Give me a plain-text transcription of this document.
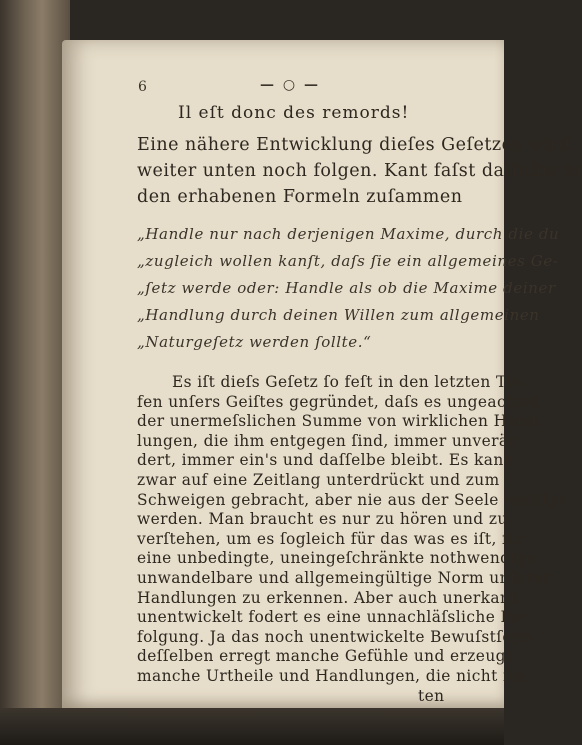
6	— ○ —
Il eſt donc des remords!
Eine nähere Entwicklung dieſes Geſetzes wird
weiter unten noch folgen. Kant faſst daſſelbe in
den erhabenen Formeln zuſammen
„Handle nur nach derjenigen Maxime, durch die du
„zugleich wollen kanſt, daſs ſie ein allgemeines Ge-
„ſetz werde oder: Handle als ob die Maxime deiner
„Handlung durch deinen Willen zum allgemeinen
„Naturgeſetz werden ſollte.“
Es iſt dieſs Geſetz ſo feſt in den letzten Tie-
fen unſers Geiſtes gegründet, daſs es ungeachtet
der unermeſslichen Summe von wirklichen Hand-
lungen, die ihm entgegen ſind, immer unverän-
dert, immer ein's und daſſelbe bleibt. Es kann
zwar auf eine Zeitlang unterdrückt und zum
Schweigen gebracht, aber nie aus der Seele vertilgt
werden. Man braucht es nur zu hören und zu
verſtehen, um es ſogleich für das was es iſt, für
eine unbedingte, uneingeſchränkte nothwendige
unwandelbare und allgemeingültige Norm unſerer
Handlungen zu erkennen. Aber auch unerkant,
unentwickelt fodert es eine unnachläſsliche Be-
folgung. Ja das noch unentwickelte Bewuſstſeyn
deſſelben erregt manche Gefühle und erzeugt
manche Urtheile und Handlungen, die nicht ſel-
ten
